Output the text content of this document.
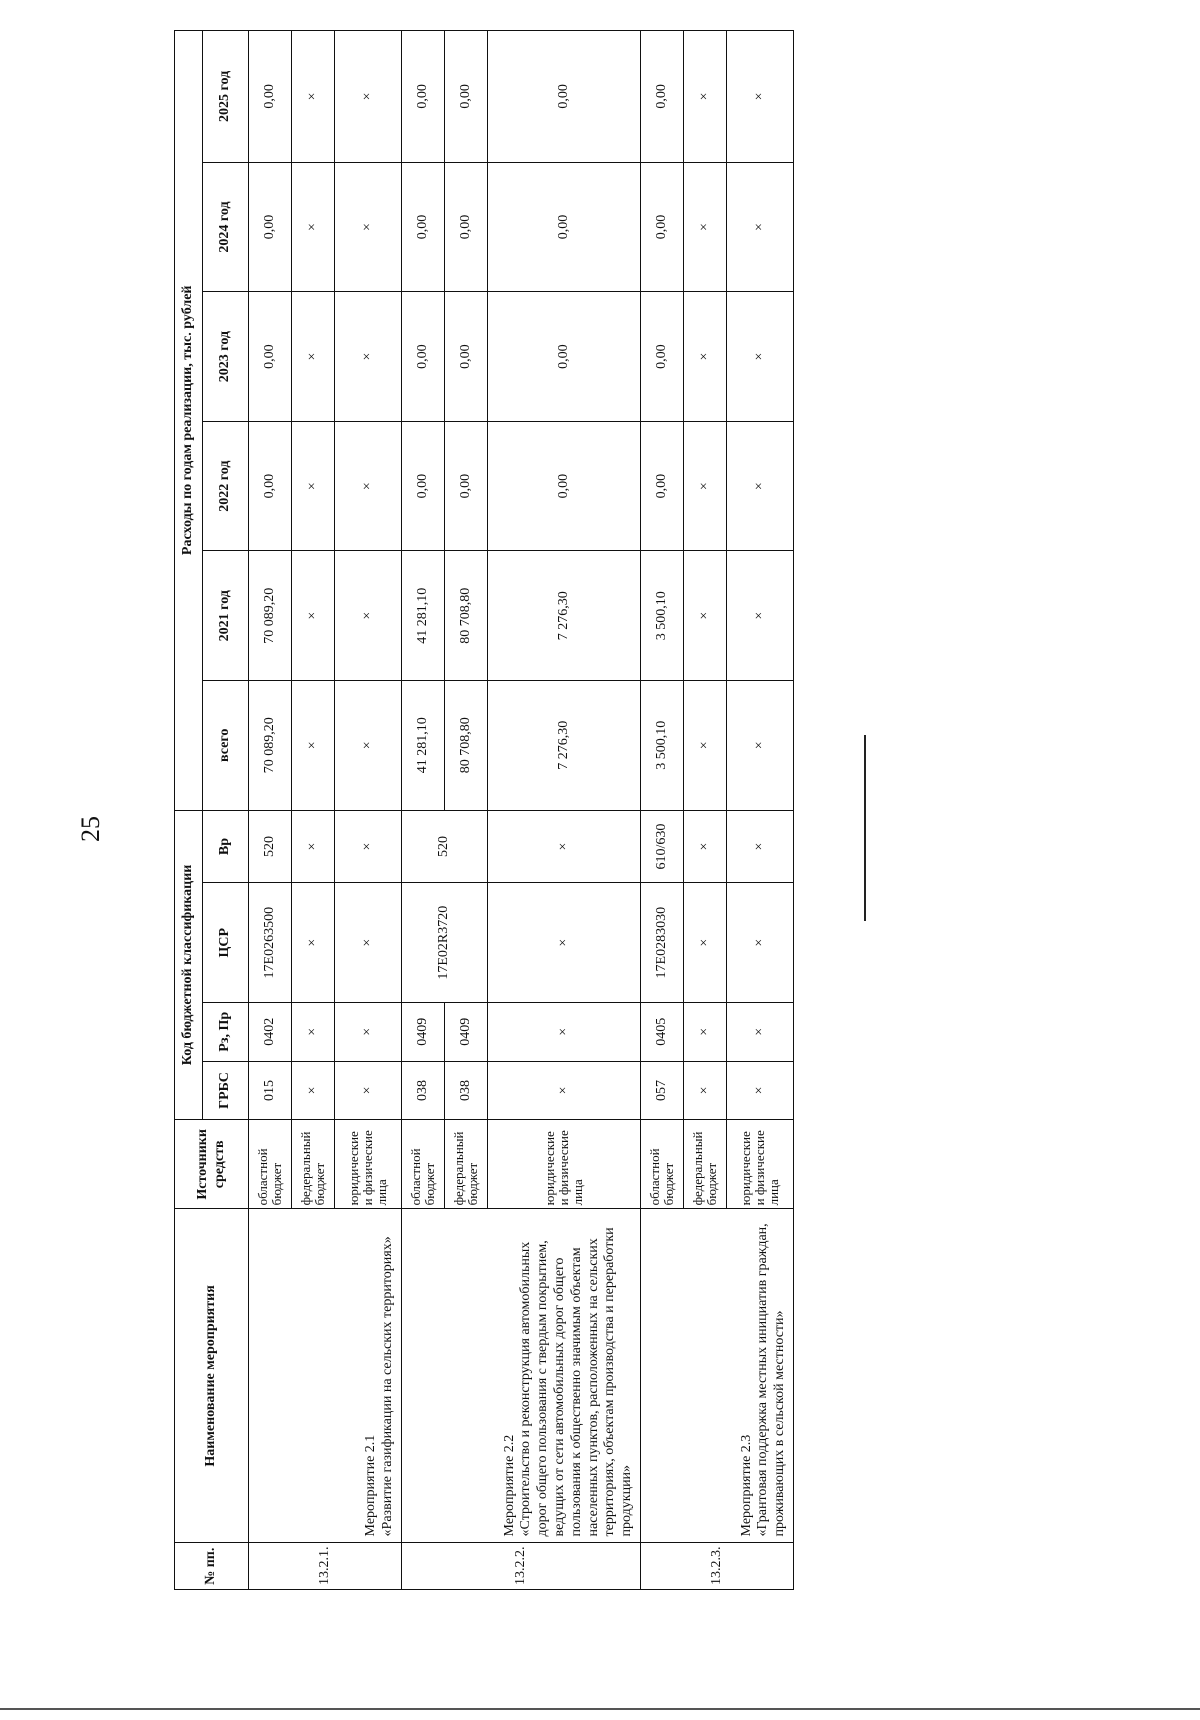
25
№ пп.	Наименование мероприятия	Источники средств	Код бюджетной классификации				Расходы по годам реализации, тыс. рублей					
			ГРБС	Рз, Пр	ЦСР	Вр	всего	2021 год	2022 год	2023 год	2024 год	2025 год
13.2.1.	Мероприятие 2.1 «Развитие газификации на сельских территориях»	областной бюджет	015	0402	17Е0263500	520	70 089,20	70 089,20	0,00	0,00	0,00	0,00
		федеральный бюджет	×	×	×	×	×	×	×	×	×	×
		юридические и физические лица	×	×	×	×	×	×	×	×	×	×
13.2.2.	Мероприятие 2.2 «Строительство и реконструкция автомобильных дорог общего пользования с твердым покрытием, ведущих от сети автомобильных дорог общего пользования к общественно значимым объектам населенных пунктов, расположенных на сельских территориях, объектам производства и переработки продукции»	областной бюджет	038	0409	17Е02R3720	520	41 281,10	41 281,10	0,00	0,00	0,00	0,00
		федеральный бюджет	038	0409			80 708,80	80 708,80	0,00	0,00	0,00	0,00
		юридические и физические лица	×	×	×	×	7 276,30	7 276,30	0,00	0,00	0,00	0,00
13.2.3.	Мероприятие 2.3 «Грантовая поддержка местных инициатив граждан, проживающих в сельской местности»	областной бюджет	057	0405	17Е0283030	610/630	3 500,10	3 500,10	0,00	0,00	0,00	0,00
		федеральный бюджет	×	×	×	×	×	×	×	×	×	×
		юридические и физические лица	×	×	×	×	×	×	×	×	×	×
